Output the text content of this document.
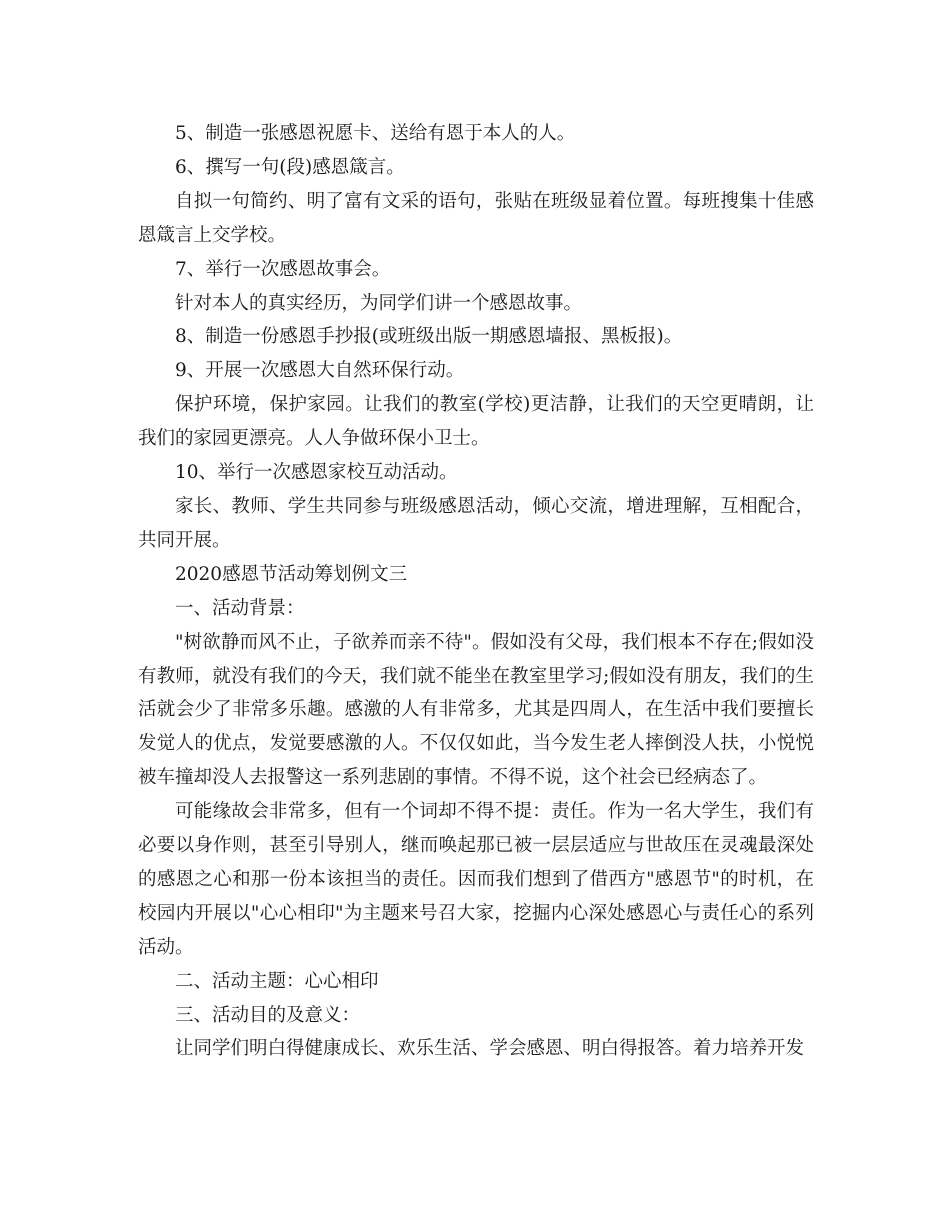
5、制造一张感恩祝愿卡、送给有恩于本人的人。

6、撰写一句(段)感恩箴言。

自拟一句简约、明了富有文采的语句，张贴在班级显着位置。每班搜集十佳感恩箴言上交学校。

7、举行一次感恩故事会。

针对本人的真实经历，为同学们讲一个感恩故事。

8、制造一份感恩手抄报(或班级出版一期感恩墙报、黑板报)。

9、开展一次感恩大自然环保行动。

保护环境，保护家园。让我们的教室(学校)更洁静，让我们的天空更晴朗，让我们的家园更漂亮。人人争做环保小卫士。

10、举行一次感恩家校互动活动。

家长、教师、学生共同参与班级感恩活动，倾心交流，增进理解，互相配合，共同开展。

2020感恩节活动筹划例文三

一、活动背景：

"树欲静而风不止，子欲养而亲不待"。假如没有父母，我们根本不存在;假如没有教师，就没有我们的今天，我们就不能坐在教室里学习;假如没有朋友，我们的生活就会少了非常多乐趣。感激的人有非常多，尤其是四周人，在生活中我们要擅长发觉人的优点，发觉要感激的人。不仅仅如此，当今发生老人摔倒没人扶，小悦悦被车撞却没人去报警这一系列悲剧的事情。不得不说，这个社会已经病态了。

可能缘故会非常多，但有一个词却不得不提：责任。作为一名大学生，我们有必要以身作则，甚至引导别人，继而唤起那已被一层层适应与世故压在灵魂最深处的感恩之心和那一份本该担当的责任。因而我们想到了借西方"感恩节"的时机，在校园内开展以"心心相印"为主题来号召大家，挖掘内心深处感恩心与责任心的系列活动。

二、活动主题：心心相印

三、活动目的及意义：

让同学们明白得健康成长、欢乐生活、学会感恩、明白得报答。着力培养开发
